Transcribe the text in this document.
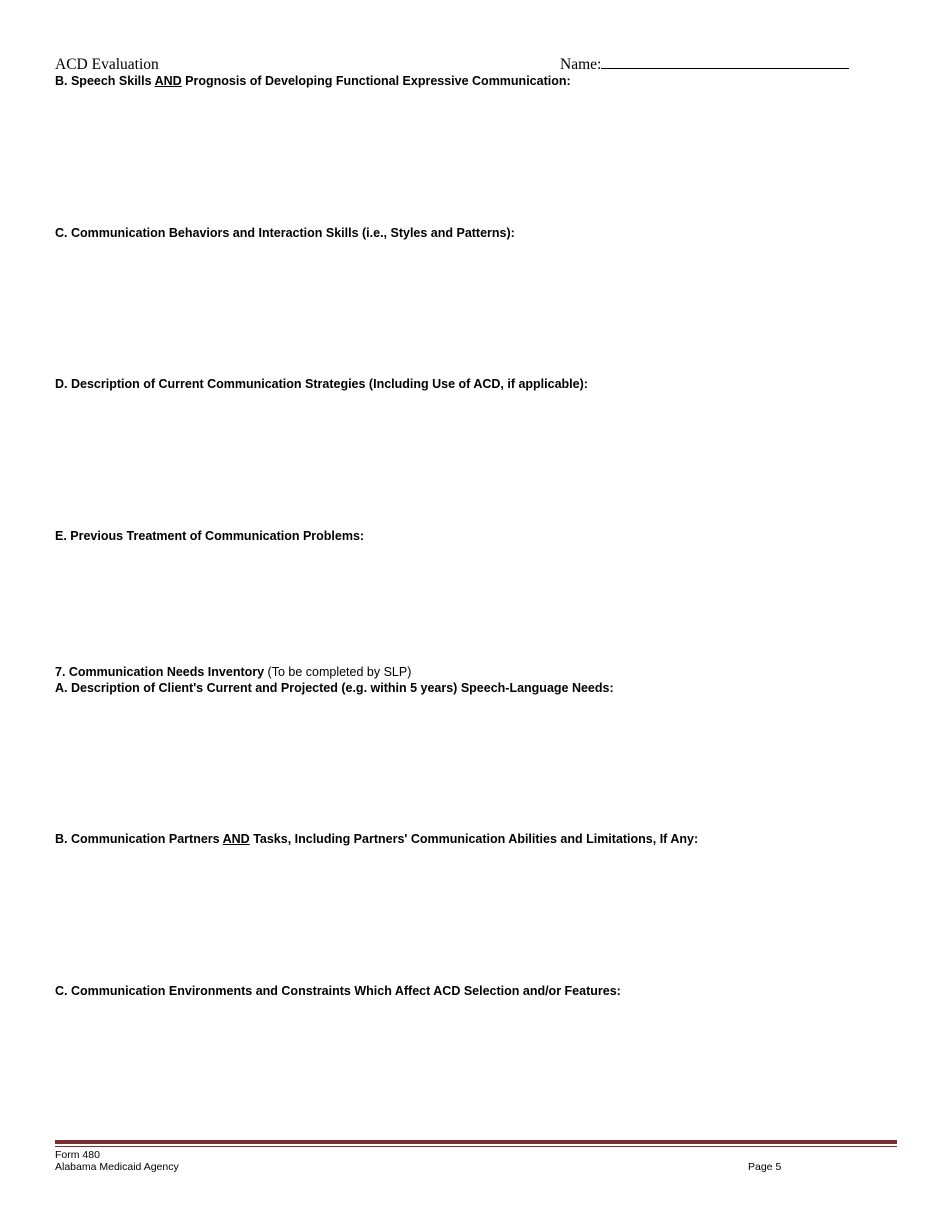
ACD Evaluation	Name:
B. Speech Skills AND Prognosis of Developing Functional Expressive Communication:
C. Communication Behaviors and Interaction Skills (i.e., Styles and Patterns):
D. Description of Current Communication Strategies (Including Use of ACD, if applicable):
E. Previous Treatment of Communication Problems:
7. Communication Needs Inventory (To be completed by SLP)
A. Description of Client's Current and Projected (e.g. within 5 years) Speech-Language Needs:
B. Communication Partners AND Tasks, Including Partners' Communication Abilities and Limitations, If Any:
C. Communication Environments and Constraints Which Affect ACD Selection and/or Features:
Form 480
Alabama Medicaid Agency	Page 5
